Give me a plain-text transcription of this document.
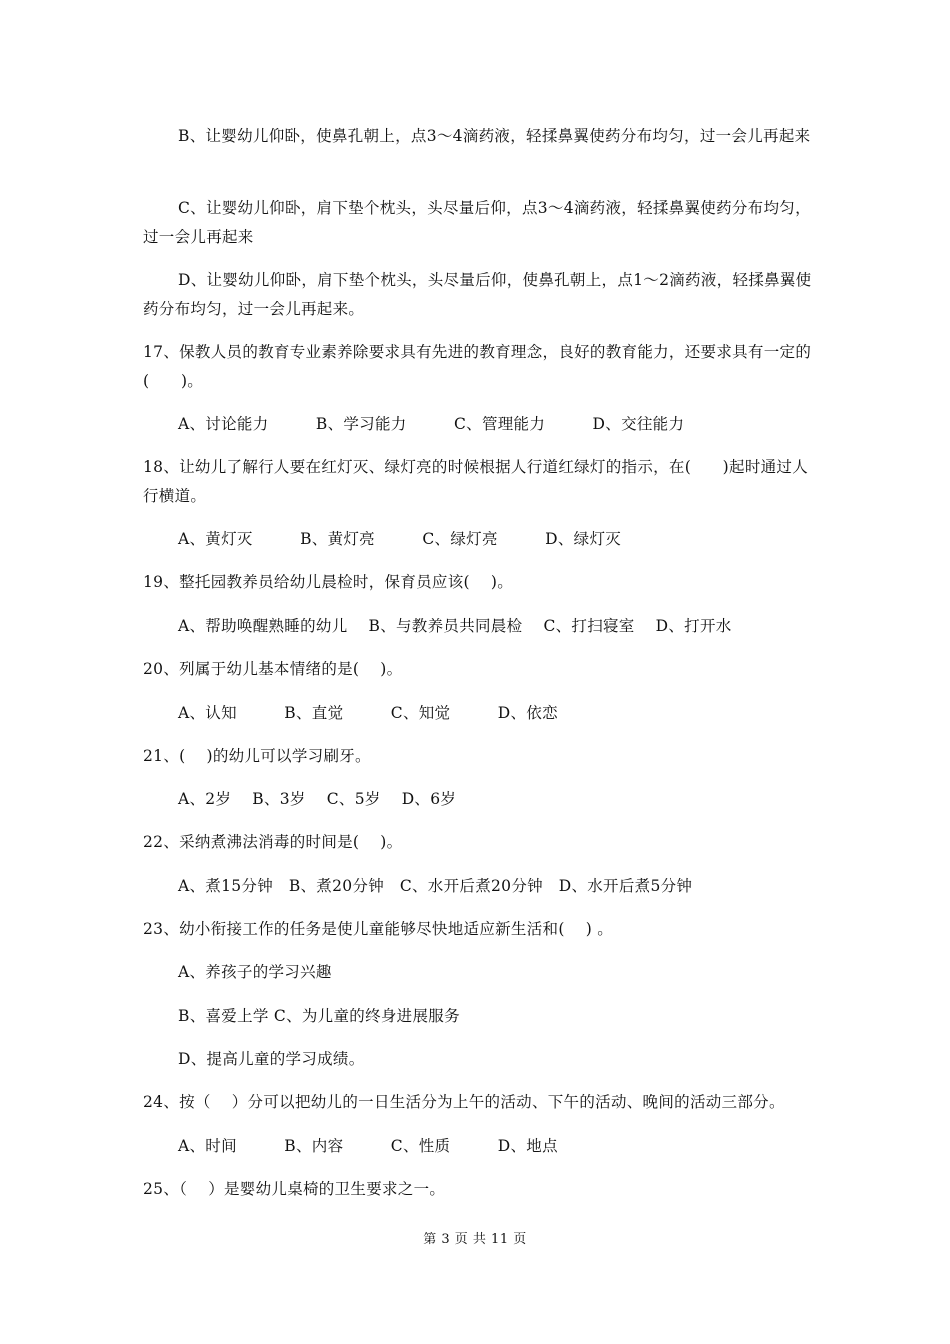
B、让婴幼儿仰卧，使鼻孔朝上，点3～4滴药液，轻揉鼻翼使药分布均匀，过一会儿再起来
C、让婴幼儿仰卧，肩下垫个枕头，头尽量后仰，点3～4滴药液，轻揉鼻翼使药分布均匀，过一会儿再起来
D、让婴幼儿仰卧，肩下垫个枕头，头尽量后仰，使鼻孔朝上，点1～2滴药液，轻揉鼻翼使药分布均匀，过一会儿再起来。
17、保教人员的教育专业素养除要求具有先进的教育理念，良好的教育能力，还要求具有一定的(　　)。
A、讨论能力　　　B、学习能力　　　C、管理能力　　　D、交往能力
18、让幼儿了解行人要在红灯灭、绿灯亮的时候根据人行道红绿灯的指示，在(　　)起时通过人行横道。
A、黄灯灭　　　B、黄灯亮　　　C、绿灯亮　　　D、绿灯灭
19、整托园教养员给幼儿晨检时，保育员应该(　 )。
A、帮助唤醒熟睡的幼儿　 B、与教养员共同晨检　 C、打扫寝室　 D、打开水
20、列属于幼儿基本情绪的是(　 )。
A、认知　　　B、直觉　　　C、知觉　　　D、依恋
21、(　 )的幼儿可以学习刷牙。
A、2岁　 B、3岁　 C、5岁　 D、6岁
22、采纳煮沸法消毒的时间是(　 )。
A、煮15分钟　B、煮20分钟　C、水开后煮20分钟　D、水开后煮5分钟
23、幼小衔接工作的任务是使儿童能够尽快地适应新生活和(　 ) 。
A、养孩子的学习兴趣
B、喜爱上学 C、为儿童的终身进展服务
D、提高儿童的学习成绩。
24、按（　 ）分可以把幼儿的一日生活分为上午的活动、下午的活动、晚间的活动三部分。
A、时间　　　B、内容　　　C、性质　　　D、地点
25、（　 ）是婴幼儿桌椅的卫生要求之一。
第 3 页 共 11 页
